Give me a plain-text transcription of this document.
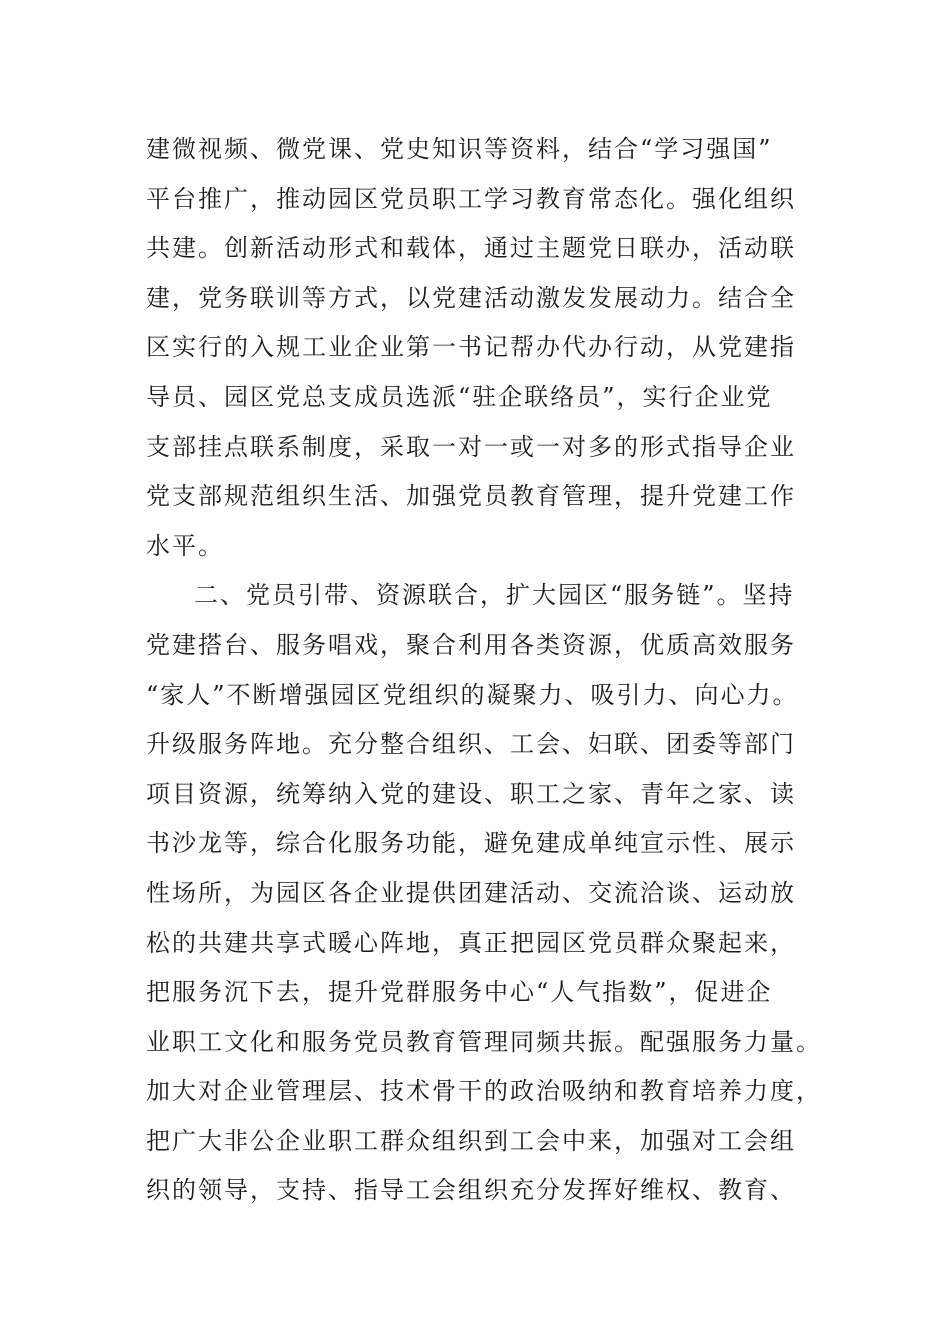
建微视频、微党课、党史知识等资料，结合“学习强国”
平台推广，推动园区党员职工学习教育常态化。强化组织
共建。创新活动形式和载体，通过主题党日联办，活动联
建，党务联训等方式，以党建活动激发发展动力。结合全
区实行的入规工业企业第一书记帮办代办行动，从党建指
导员、园区党总支成员选派“驻企联络员”，实行企业党
支部挂点联系制度，采取一对一或一对多的形式指导企业
党支部规范组织生活、加强党员教育管理，提升党建工作
水平。
二、党员引带、资源联合，扩大园区“服务链”。坚持
党建搭台、服务唱戏，聚合利用各类资源，优质高效服务
“家人”不断增强园区党组织的凝聚力、吸引力、向心力。
升级服务阵地。充分整合组织、工会、妇联、团委等部门
项目资源，统筹纳入党的建设、职工之家、青年之家、读
书沙龙等，综合化服务功能，避免建成单纯宣示性、展示
性场所，为园区各企业提供团建活动、交流洽谈、运动放
松的共建共享式暖心阵地，真正把园区党员群众聚起来，
把服务沉下去，提升党群服务中心“人气指数”，促进企
业职工文化和服务党员教育管理同频共振。配强服务力量。
加大对企业管理层、技术骨干的政治吸纳和教育培养力度，
把广大非公企业职工群众组织到工会中来，加强对工会组
织的领导，支持、指导工会组织充分发挥好维权、教育、
